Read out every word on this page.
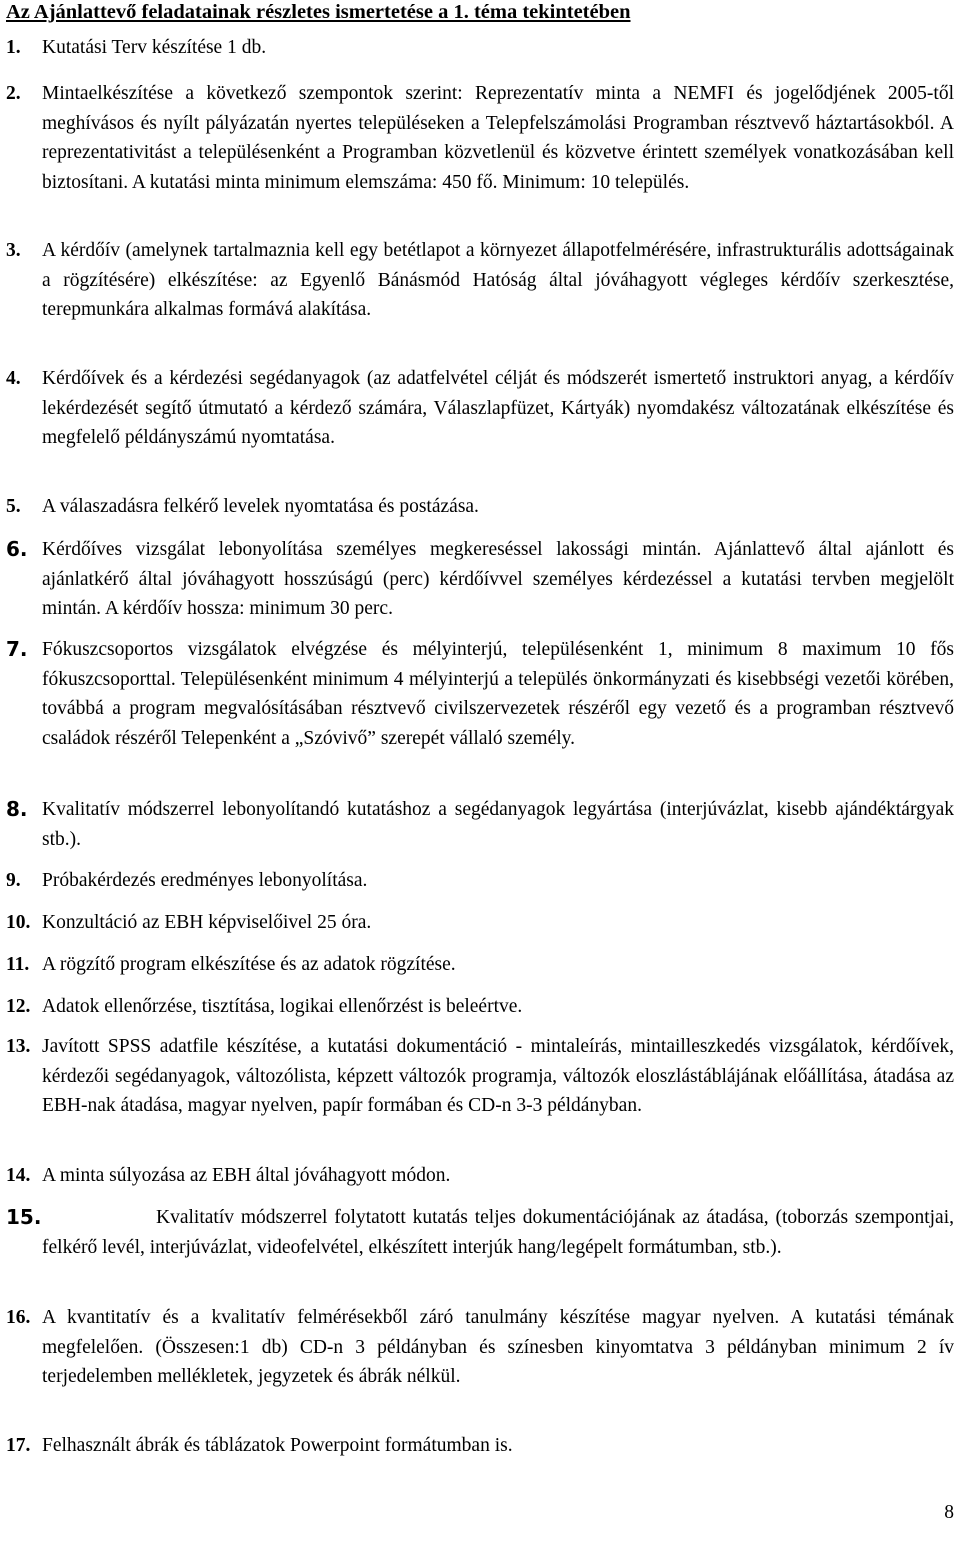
Az Ajánlattevő feladatainak részletes ismertetése a 1. téma tekintetében
1. Kutatási Terv készítése 1 db.
2. Mintaelkészítése a következő szempontok szerint: Reprezentatív minta a NEMFI és jogelődjének 2005-től meghívásos és nyílt pályázatán nyertes településeken a Telepfelszámolási Programban résztvevő háztartásokból. A reprezentativitást a településenként a Programban közvetlenül és közvetve érintett személyek vonatkozásában kell biztosítani. A kutatási minta minimum elemszáma: 450 fő. Minimum: 10 település.
3. A kérdőív (amelynek tartalmaznia kell egy betétlapot a környezet állapotfelmérésére, infrastrukturális adottságainak a rögzítésére) elkészítése: az Egyenlő Bánásmód Hatóság által jóváhagyott végleges kérdőív szerkesztése, terepmunkára alkalmas formává alakítása.
4. Kérdőívek és a kérdezési segédanyagok (az adatfelvétel célját és módszerét ismertető instruktori anyag, a kérdőív lekérdezését segítő útmutató a kérdező számára, Válaszlapfüzet, Kártyák) nyomdakész változatának elkészítése és megfelelő példányszámú nyomtatása.
5. A válaszadásra felkérő levelek nyomtatása és postázása.
6. Kérdőíves vizsgálat lebonyolítása személyes megkereséssel lakossági mintán. Ajánlattevő által ajánlott és ajánlatkérő által jóváhagyott hosszúságú (perc) kérdőívvel személyes kérdezéssel a kutatási tervben megjelölt mintán. A kérdőív hossza: minimum 30 perc.
7. Fókuszcsoportos vizsgálatok elvégzése és mélyinterjú, településenként 1, minimum 8 maximum 10 fős fókuszcsoporttal. Településenként minimum 4 mélyinterjú a település önkormányzati és kisebbségi vezetői körében, továbbá a program megvalósításában résztvevő civilszervezetek részéről egy vezető és a programban résztvevő családok részéről Telepenként a „Szóvivő” szerepét vállaló személy.
8. Kvalitatív módszerrel lebonyolítandó kutatáshoz a segédanyagok legyártása (interjúvázlat, kisebb ajándéktárgyak stb.).
9. Próbakérdezés eredményes lebonyolítása.
10. Konzultáció az EBH képviselőivel 25 óra.
11. A rögzítő program elkészítése és az adatok rögzítése.
12. Adatok ellenőrzése, tisztítása, logikai ellenőrzést is beleértve.
13. Javított SPSS adatfile készítése, a kutatási dokumentáció - mintaleírás, mintailleszkedés vizsgálatok, kérdőívek, kérdezői segédanyagok, változólista, képzett változók programja, változók eloszlástáblájának előállítása, átadása az EBH-nak átadása, magyar nyelven, papír formában és CD-n 3-3 példányban.
14. A minta súlyozása az EBH által jóváhagyott módon.
15.	Kvalitatív módszerrel folytatott kutatás teljes dokumentációjának az átadása, (toborzás szempontjai, felkérő levél, interjúvázlat, videofelvétel, elkészített interjúk hang/legépelt formátumban, stb.).
16. A kvantitatív és a kvalitatív felmérésekből záró tanulmány készítése magyar nyelven. A kutatási témának megfelelően. (Összesen:1 db) CD-n 3 példányban és színesben kinyomtatva 3 példányban minimum 2 ív terjedelemben mellékletek, jegyzetek és ábrák nélkül.
17. Felhasznált ábrák és táblázatok Powerpoint formátumban is.
8
